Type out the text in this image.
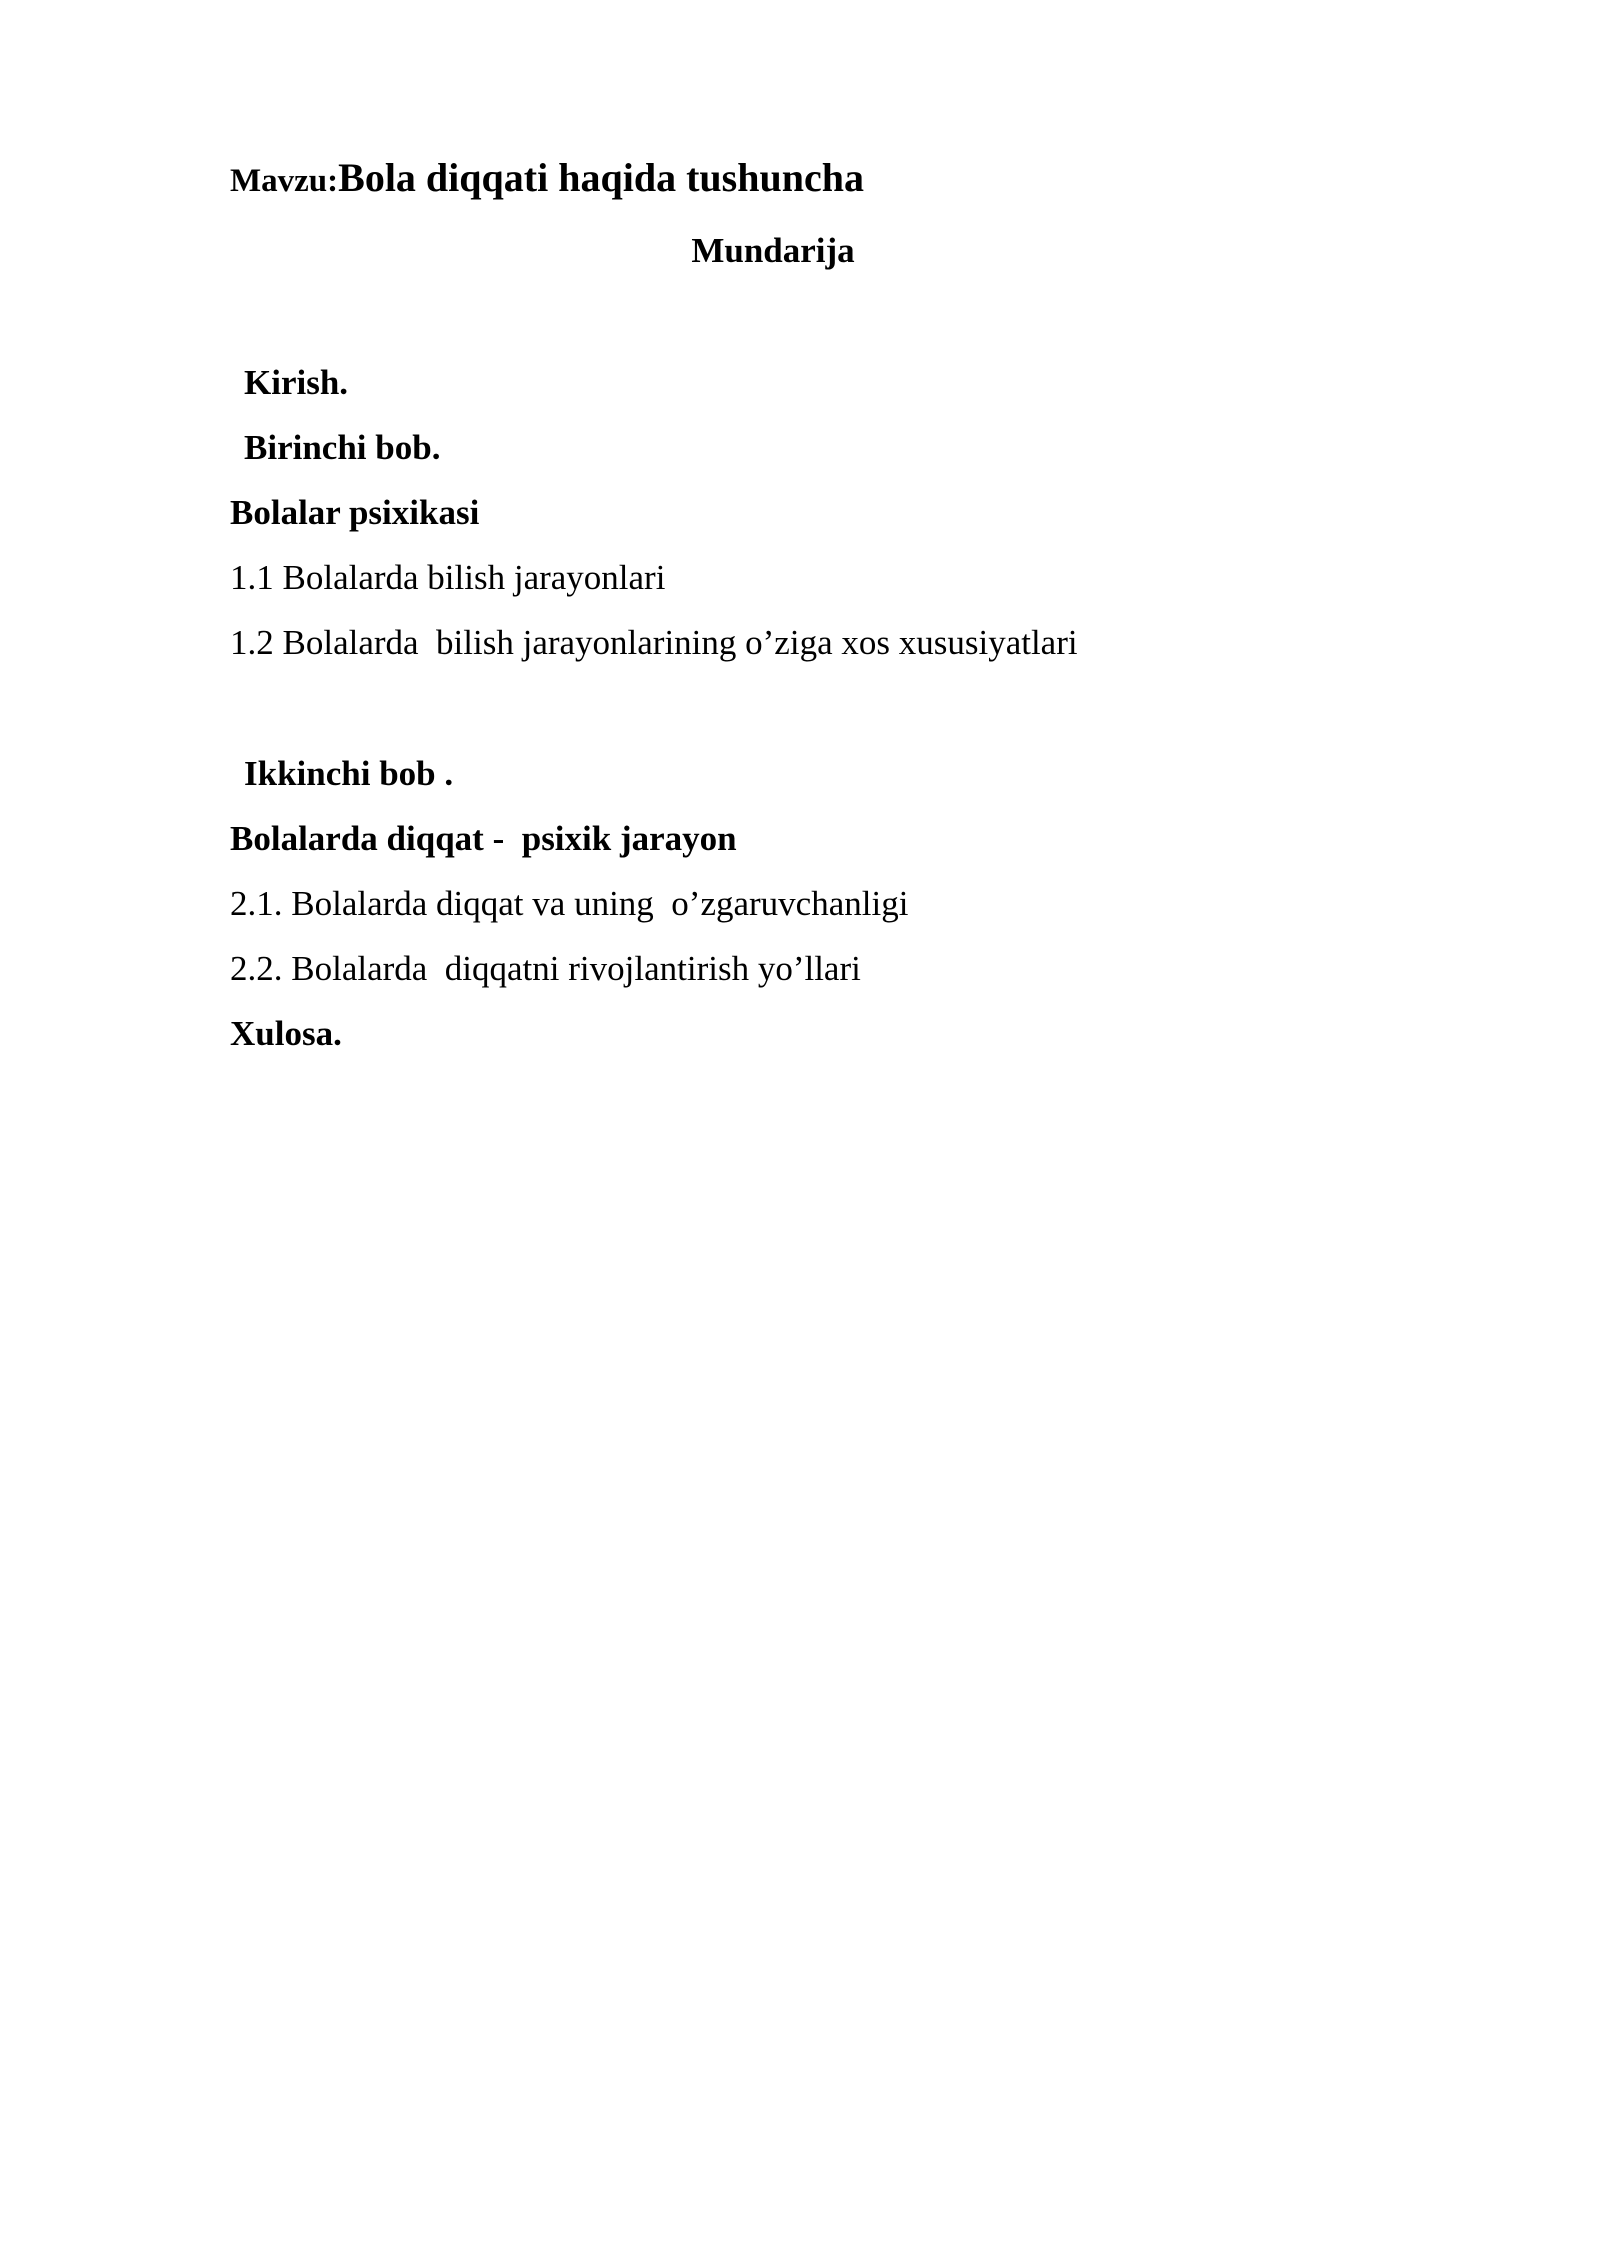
Mavzu:Bola diqqati haqida tushuncha
Mundarija
Kirish.
Birinchi bob.
Bolalar psixikasi
1.1 Bolalarda bilish jarayonlari
1.2 Bolalarda  bilish jarayonlarining o’ziga xos xususiyatlari
Ikkinchi bob .
Bolalarda diqqat -  psixik jarayon
2.1. Bolalarda diqqat va uning  o’zgaruvchanligi
2.2. Bolalarda  diqqatni rivojlantirish yo’llari
Xulosa.
